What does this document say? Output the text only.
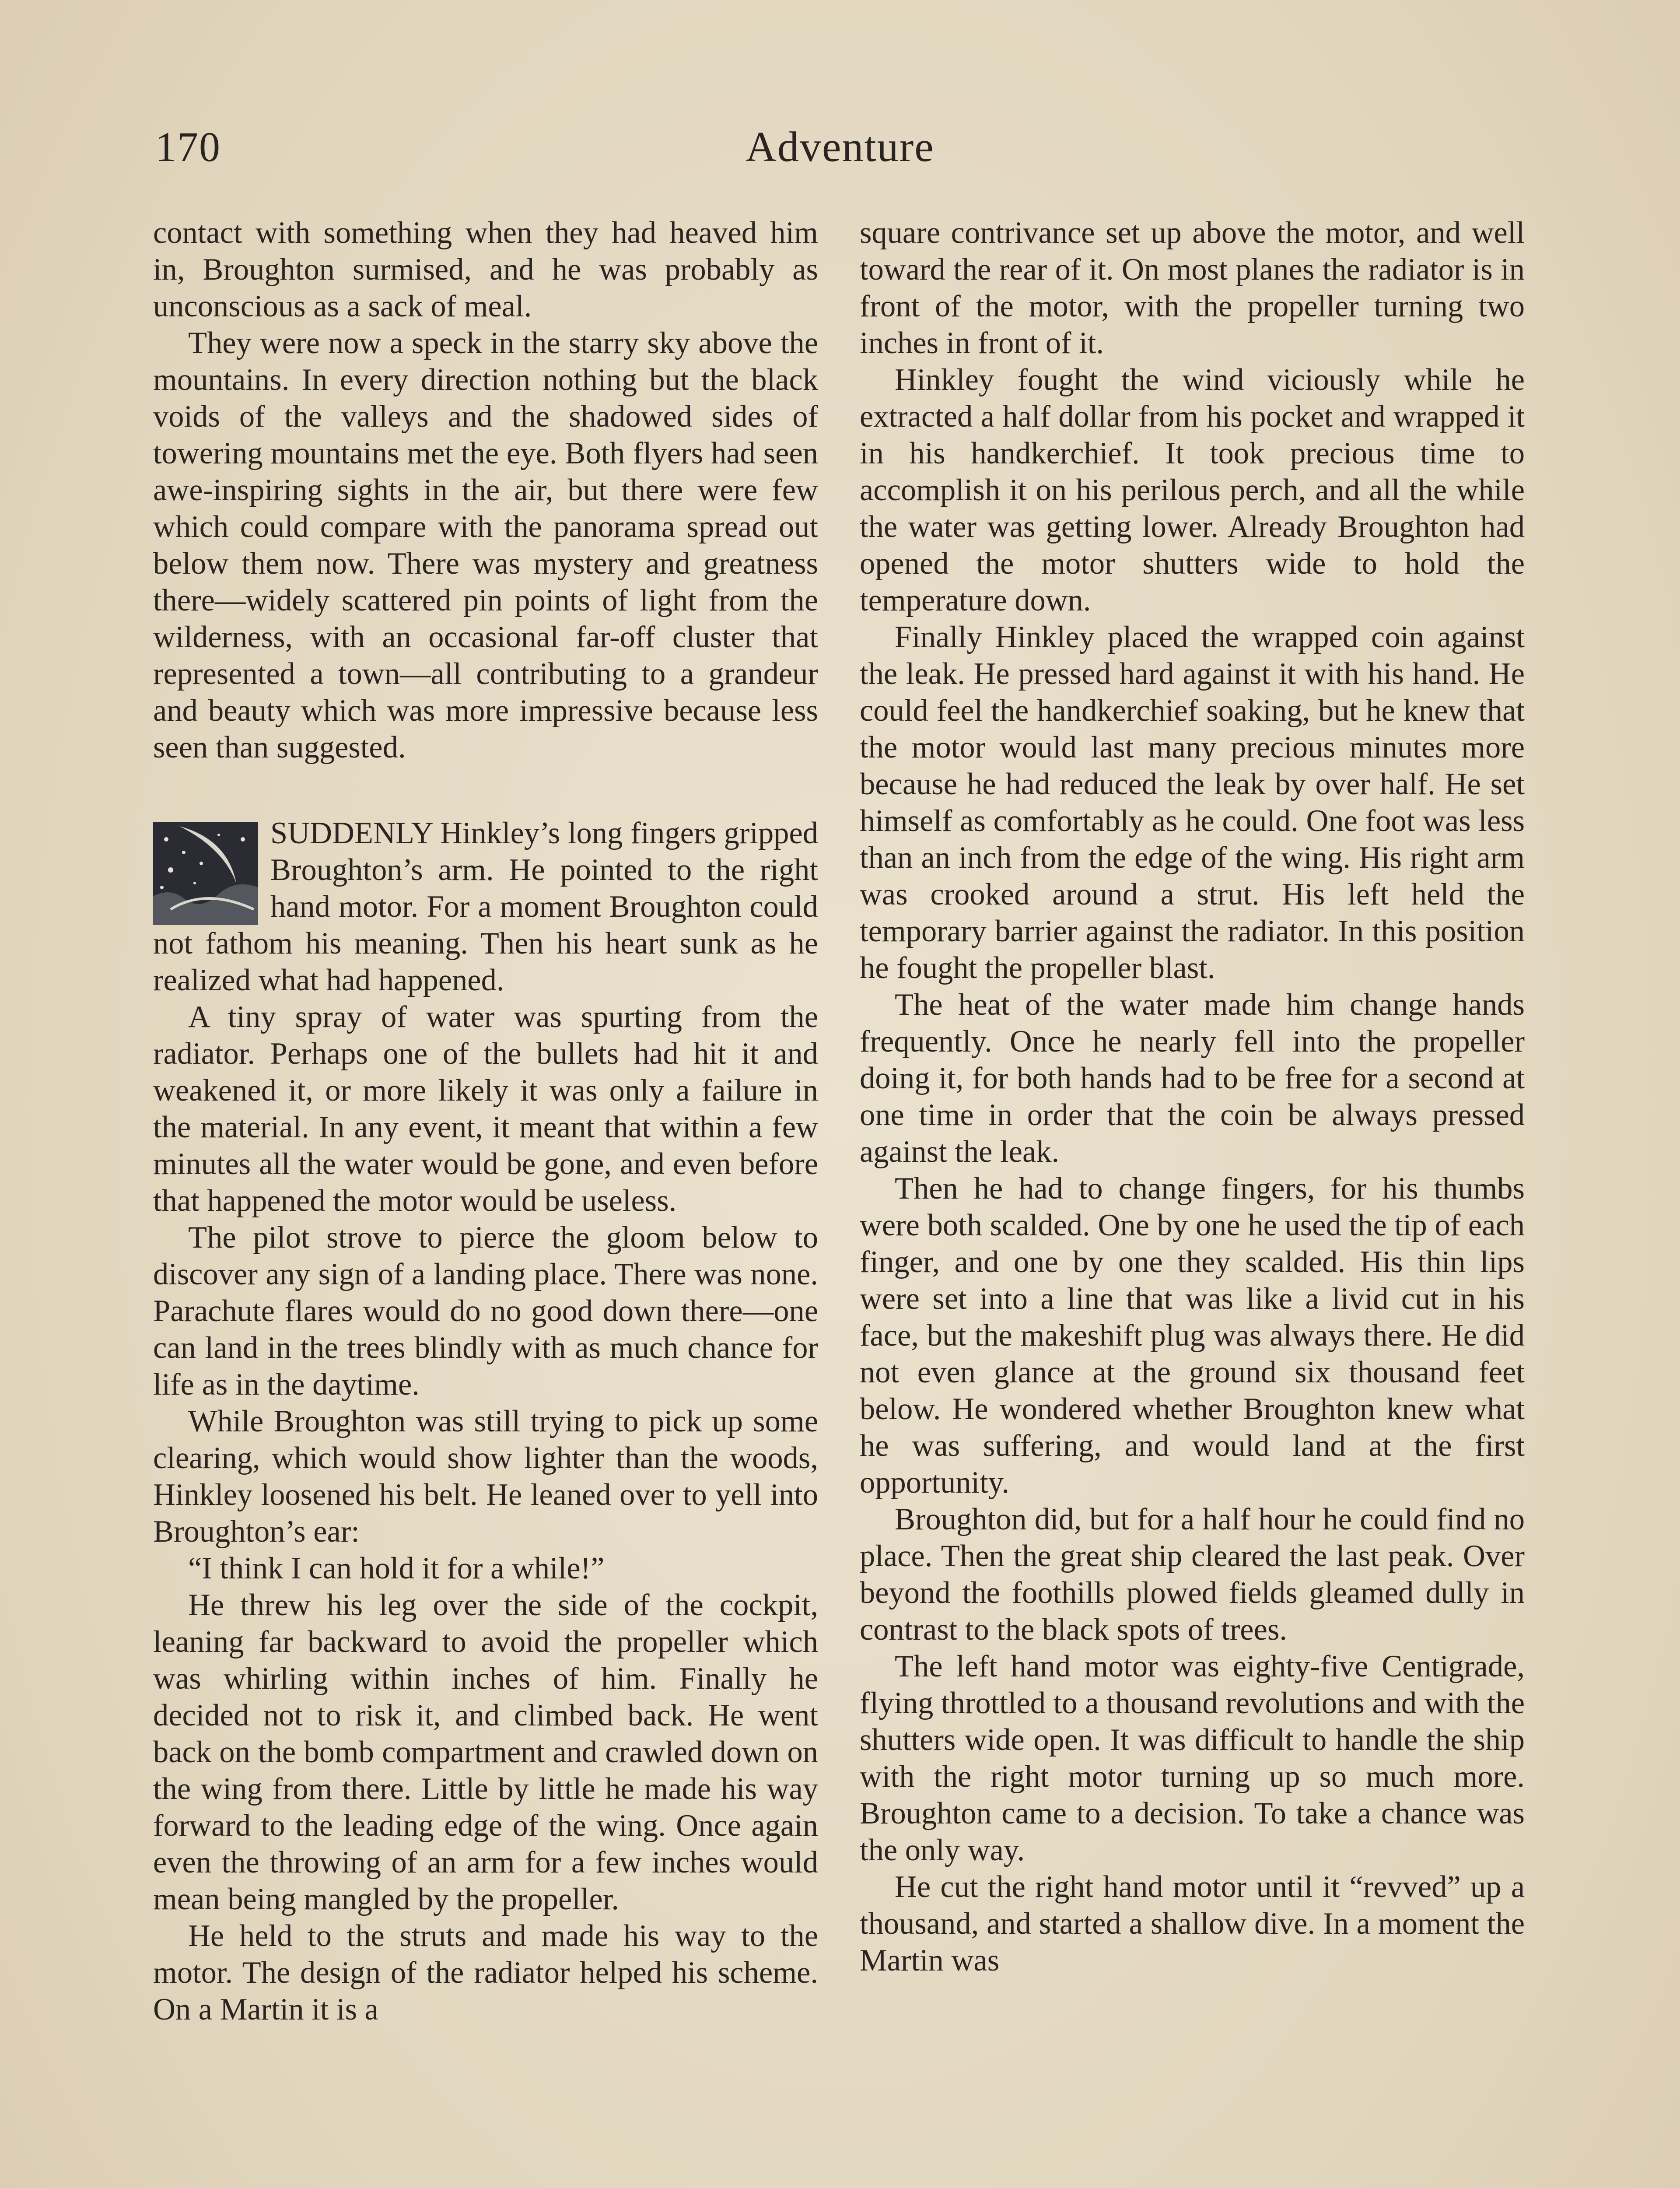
170	Adventure

contact with something when they had heaved him in, Broughton surmised, and he was probably as unconscious as a sack of meal.

They were now a speck in the starry sky above the mountains. In every direction nothing but the black voids of the valleys and the shadowed sides of towering mountains met the eye. Both flyers had seen awe-inspiring sights in the air, but there were few which could compare with the panorama spread out below them now. There was mystery and greatness there—widely scattered pin points of light from the wilderness, with an occasional far-off cluster that represented a town—all contributing to a grandeur and beauty which was more impressive because less seen than suggested.

SUDDENLY Hinkley’s long fingers gripped Broughton’s arm. He pointed to the right hand motor. For a moment Broughton could not fathom his meaning. Then his heart sunk as he realized what had happened.

A tiny spray of water was spurting from the radiator. Perhaps one of the bullets had hit it and weakened it, or more likely it was only a failure in the material. In any event, it meant that within a few minutes all the water would be gone, and even before that happened the motor would be useless.

The pilot strove to pierce the gloom below to discover any sign of a landing place. There was none. Parachute flares would do no good down there—one can land in the trees blindly with as much chance for life as in the daytime.

While Broughton was still trying to pick up some clearing, which would show lighter than the woods, Hinkley loosened his belt. He leaned over to yell into Broughton’s ear:

“I think I can hold it for a while!”

He threw his leg over the side of the cockpit, leaning far backward to avoid the propeller which was whirling within inches of him. Finally he decided not to risk it, and climbed back. He went back on the bomb compartment and crawled down on the wing from there. Little by little he made his way forward to the leading edge of the wing. Once again even the throwing of an arm for a few inches would mean being mangled by the propeller.

He held to the struts and made his way to the motor. The design of the radiator helped his scheme. On a Martin it is a

square contrivance set up above the motor, and well toward the rear of it. On most planes the radiator is in front of the motor, with the propeller turning two inches in front of it.

Hinkley fought the wind viciously while he extracted a half dollar from his pocket and wrapped it in his handkerchief. It took precious time to accomplish it on his perilous perch, and all the while the water was getting lower. Already Broughton had opened the motor shutters wide to hold the temperature down.

Finally Hinkley placed the wrapped coin against the leak. He pressed hard against it with his hand. He could feel the handkerchief soaking, but he knew that the motor would last many precious minutes more because he had reduced the leak by over half. He set himself as comfortably as he could. One foot was less than an inch from the edge of the wing. His right arm was crooked around a strut. His left held the temporary barrier against the radiator. In this position he fought the propeller blast.

The heat of the water made him change hands frequently. Once he nearly fell into the propeller doing it, for both hands had to be free for a second at one time in order that the coin be always pressed against the leak.

Then he had to change fingers, for his thumbs were both scalded. One by one he used the tip of each finger, and one by one they scalded. His thin lips were set into a line that was like a livid cut in his face, but the makeshift plug was always there. He did not even glance at the ground six thousand feet below. He wondered whether Broughton knew what he was suffering, and would land at the first opportunity.

Broughton did, but for a half hour he could find no place. Then the great ship cleared the last peak. Over beyond the foothills plowed fields gleamed dully in contrast to the black spots of trees.

The left hand motor was eighty-five Centigrade, flying throttled to a thousand revolutions and with the shutters wide open. It was difficult to handle the ship with the right motor turning up so much more. Broughton came to a decision. To take a chance was the only way.

He cut the right hand motor until it “revved” up a thousand, and started a shallow dive. In a moment the Martin was
